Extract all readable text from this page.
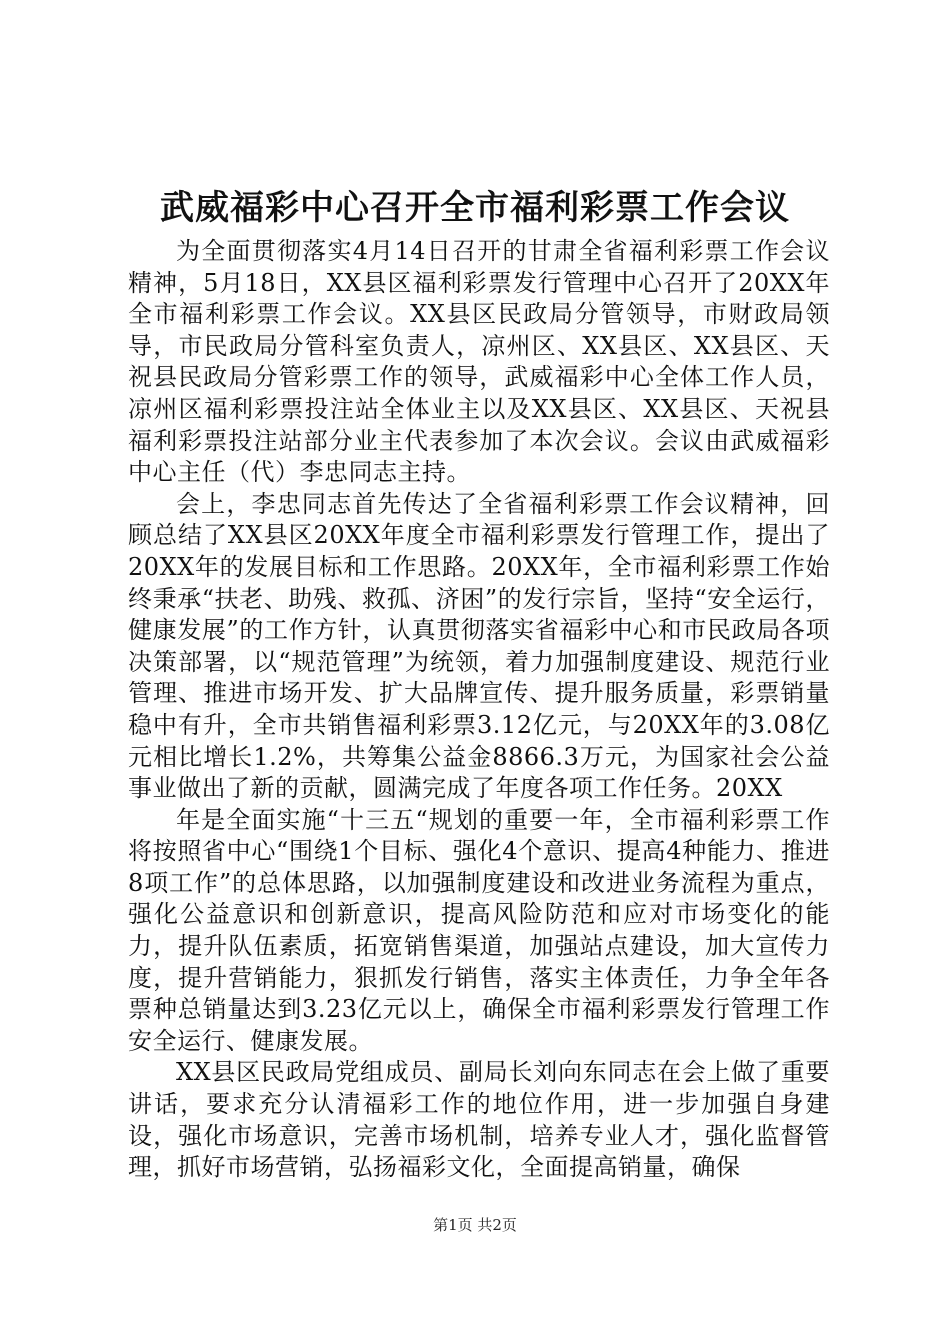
武威福彩中心召开全市福利彩票工作会议

为全面贯彻落实4月14日召开的甘肃全省福利彩票工作会议精神，5月18日，XX县区福利彩票发行管理中心召开了20XX年全市福利彩票工作会议。XX县区民政局分管领导，市财政局领导，市民政局分管科室负责人，凉州区、XX县区、XX县区、天祝县民政局分管彩票工作的领导，武威福彩中心全体工作人员，凉州区福利彩票投注站全体业主以及XX县区、XX县区、天祝县福利彩票投注站部分业主代表参加了本次会议。会议由武威福彩中心主任（代）李忠同志主持。

会上，李忠同志首先传达了全省福利彩票工作会议精神，回顾总结了XX县区20XX年度全市福利彩票发行管理工作，提出了20XX年的发展目标和工作思路。20XX年，全市福利彩票工作始终秉承“扶老、助残、救孤、济困”的发行宗旨，坚持“安全运行，健康发展”的工作方针，认真贯彻落实省福彩中心和市民政局各项决策部署，以“规范管理”为统领，着力加强制度建设、规范行业管理、推进市场开发、扩大品牌宣传、提升服务质量，彩票销量稳中有升，全市共销售福利彩票3.12亿元，与20XX年的3.08亿元相比增长1.2%，共筹集公益金8866.3万元，为国家社会公益事业做出了新的贡献，圆满完成了年度各项工作任务。20XX

年是全面实施“十三五“规划的重要一年，全市福利彩票工作将按照省中心“围绕1个目标、强化4个意识、提高4种能力、推进8项工作”的总体思路，以加强制度建设和改进业务流程为重点，强化公益意识和创新意识，提高风险防范和应对市场变化的能力，提升队伍素质，拓宽销售渠道，加强站点建设，加大宣传力度，提升营销能力，狠抓发行销售，落实主体责任，力争全年各票种总销量达到3.23亿元以上，确保全市福利彩票发行管理工作安全运行、健康发展。

XX县区民政局党组成员、副局长刘向东同志在会上做了重要讲话，要求充分认清福彩工作的地位作用，进一步加强自身建设，强化市场意识，完善市场机制，培养专业人才，强化监督管理，抓好市场营销，弘扬福彩文化，全面提高销量，确保

第1页 共2页
